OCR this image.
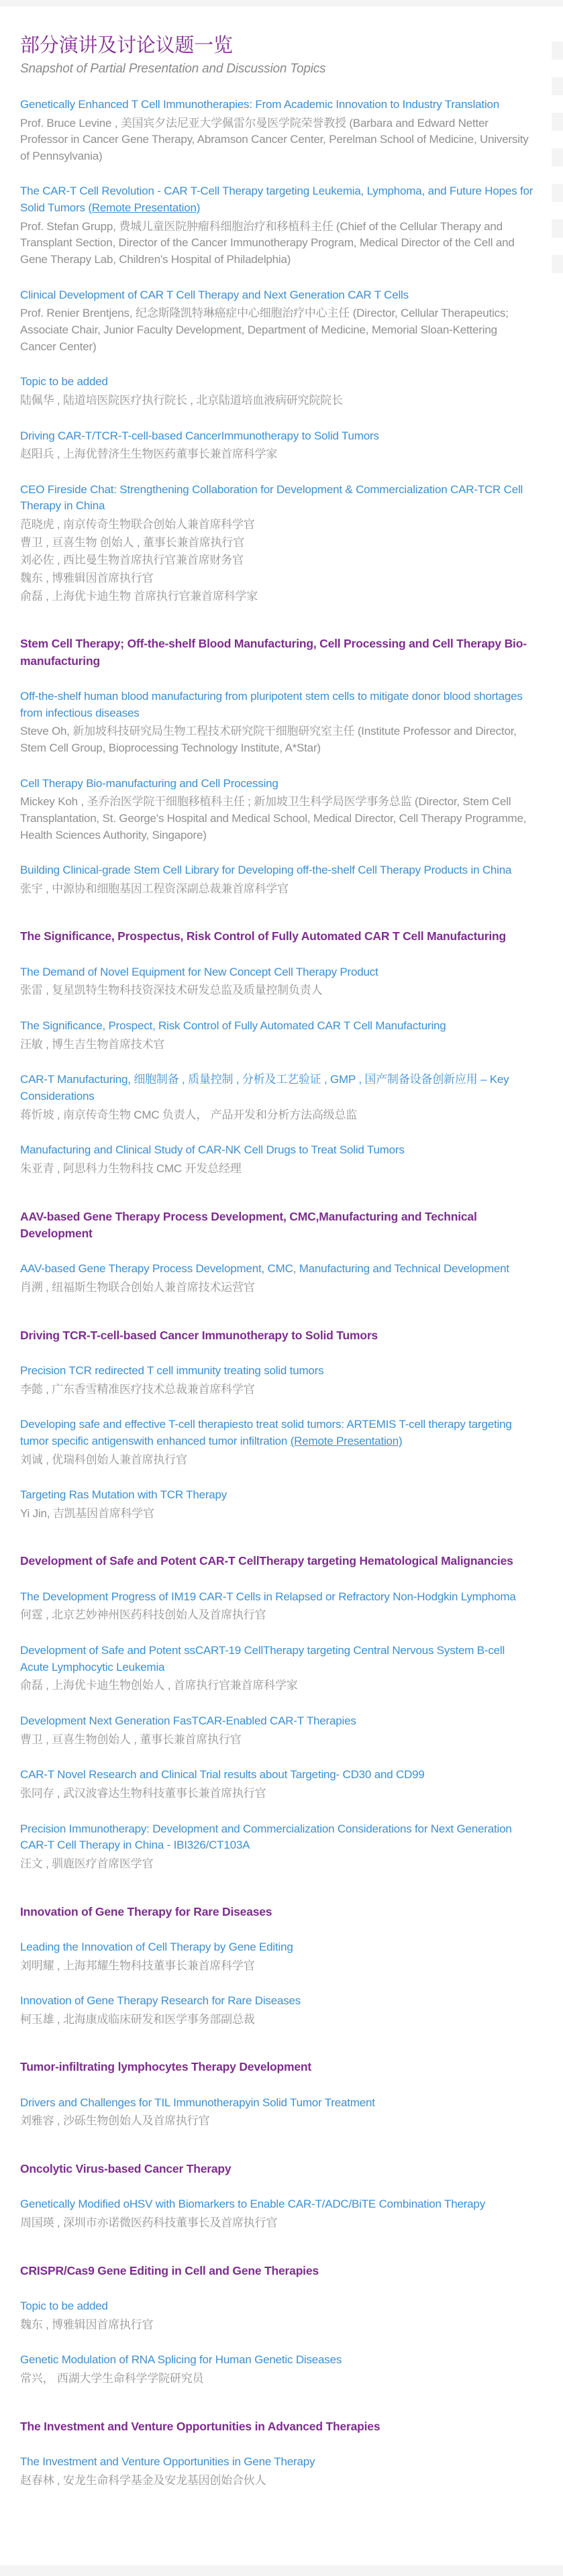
部分演讲及讨论议题一览
Snapshot of Partial Presentation and Discussion Topics
Genetically Enhanced T Cell Immunotherapies: From Academic Innovation to Industry Translation
Prof. Bruce Levine , 美国宾夕法尼亚大学佩雷尔曼医学院荣誉教授 (Barbara and Edward Netter Professor in Cancer Gene Therapy, Abramson Cancer Center, Perelman School of Medicine, University of Pennsylvania)
The CAR-T Cell Revolution - CAR T-Cell Therapy targeting Leukemia, Lymphoma, and Future Hopes for Solid Tumors (Remote Presentation)
Prof. Stefan Grupp, 费城儿童医院肿瘤科细胞治疗和移植科主任 (Chief of the Cellular Therapy and Transplant Section, Director of the Cancer Immunotherapy Program, Medical Director of the Cell and Gene Therapy Lab, Children's Hospital of Philadelphia)
Clinical Development of CAR T Cell Therapy and Next Generation CAR T Cells
Prof. Renier Brentjens, 纪念斯隆凯特琳癌症中心细胞治疗中心主任 (Director, Cellular Therapeutics; Associate Chair, Junior Faculty Development, Department of Medicine, Memorial Sloan-Kettering Cancer Center)
Topic to be added
陆佩华 , 陆道培医院医疗执行院长 , 北京陆道培血液病研究院院长
Driving CAR-T/TCR-T-cell-based CancerImmunotherapy to Solid Tumors
赵阳兵 , 上海优替济生生物医药董事长兼首席科学家
CEO Fireside Chat: Strengthening Collaboration for Development & Commercialization CAR-TCR Cell Therapy in China
范晓虎 , 南京传奇生物联合创始人兼首席科学官
曹卫 , 亘喜生物 创始人 , 董事长兼首席执行官
刘必佐 , 西比曼生物首席执行官兼首席财务官
魏东 , 博雅辑因首席执行官
俞磊 , 上海优卡迪生物 首席执行官兼首席科学家
Stem Cell Therapy; Off-the-shelf Blood Manufacturing, Cell Processing and Cell Therapy Bio-manufacturing
Off-the-shelf human blood manufacturing from pluripotent stem cells to mitigate donor blood shortages from infectious diseases
Steve Oh, 新加坡科技研究局生物工程技术研究院干细胞研究室主任 (Institute Professor and Director, Stem Cell Group, Bioprocessing Technology Institute, A*Star)
Cell Therapy Bio-manufacturing and Cell Processing
Mickey Koh , 圣乔治医学院干细胞移植科主任 ; 新加坡卫生科学局医学事务总监 (Director, Stem Cell Transplantation, St. George's Hospital and Medical School, Medical Director, Cell Therapy Programme, Health Sciences Authority, Singapore)
Building Clinical-grade Stem Cell Library for Developing off-the-shelf Cell Therapy Products in China
张宇 , 中源协和细胞基因工程资深副总裁兼首席科学官
The Significance, Prospectus, Risk Control of Fully Automated CAR T Cell Manufacturing
The Demand of Novel Equipment for New Concept Cell Therapy Product
张雷 , 复星凯特生物科技资深技术研发总监及质量控制负责人
The Significance, Prospect, Risk Control of Fully Automated CAR T Cell Manufacturing
汪敏 , 博生吉生物首席技术官
CAR-T Manufacturing, 细胞制备 , 质量控制 , 分析及工艺验证 , GMP , 国产制备设备创新应用 – Key Considerations
蒋忻坡 , 南京传奇生物 CMC 负责人， 产品开发和分析方法高级总监
Manufacturing and Clinical Study of CAR-NK Cell Drugs to Treat Solid Tumors
朱亚青 , 阿思科力生物科技 CMC 开发总经理
AAV-based Gene Therapy Process Development, CMC,Manufacturing and Technical Development
AAV-based Gene Therapy Process Development, CMC, Manufacturing and Technical Development
肖溯 , 纽福斯生物联合创始人兼首席技术运营官
Driving TCR-T-cell-based Cancer Immunotherapy to Solid Tumors
Precision TCR redirected T cell immunity treating solid tumors
李懿 , 广东香雪精准医疗技术总裁兼首席科学官
Developing safe and effective T-cell therapiesto treat solid tumors: ARTEMIS T-cell therapy targeting tumor specific antigenswith enhanced tumor infiltration (Remote Presentation)
刘诚 , 优瑞科创始人兼首席执行官
Targeting Ras Mutation with TCR Therapy
Yi Jin, 吉凯基因首席科学官
Development of Safe and Potent CAR-T CellTherapy targeting Hematological Malignancies
The Development Progress of IM19 CAR-T Cells in Relapsed or Refractory Non-Hodgkin Lymphoma
何霆 , 北京艺妙神州医药科技创始人及首席执行官
Development of Safe and Potent ssCART-19 CellTherapy targeting Central Nervous System B-cell Acute Lymphocytic Leukemia
俞磊 , 上海优卡迪生物创始人 , 首席执行官兼首席科学家
Development Next Generation FasTCAR-Enabled CAR-T Therapies
曹卫 , 亘喜生物创始人 , 董事长兼首席执行官
CAR-T Novel Research and Clinical Trial results about Targeting- CD30 and CD99
张同存 , 武汉波睿达生物科技董事长兼首席执行官
Precision Immunotherapy: Development and Commercialization Considerations for Next Generation CAR-T Cell Therapy in China - IBI326/CT103A
汪文 , 驯鹿医疗首席医学官
Innovation of Gene Therapy for Rare Diseases
Leading the Innovation of Cell Therapy by Gene Editing
刘明耀 , 上海邦耀生物科技董事长兼首席科学官
Innovation of Gene Therapy Research for Rare Diseases
柯玉雄 , 北海康成临床研发和医学事务部副总裁
Tumor-infiltrating lymphocytes Therapy Development
Drivers and Challenges for TIL Immunotherapyin Solid Tumor Treatment
刘雅容 , 沙砾生物创始人及首席执行官
Oncolytic Virus-based Cancer Therapy
Genetically Modified oHSV with Biomarkers to Enable CAR-T/ADC/BiTE Combination Therapy
周国瑛 , 深圳市亦诺微医药科技董事长及首席执行官
CRISPR/Cas9 Gene Editing in Cell and Gene Therapies
Topic to be added
魏东 , 博雅辑因首席执行官
Genetic Modulation of RNA Splicing for Human Genetic Diseases
常兴， 西湖大学生命科学学院研究员
The Investment and Venture Opportunities in Advanced Therapies
The Investment and Venture Opportunities in Gene Therapy
赵春林 , 安龙生命科学基金及安龙基因创始合伙人
